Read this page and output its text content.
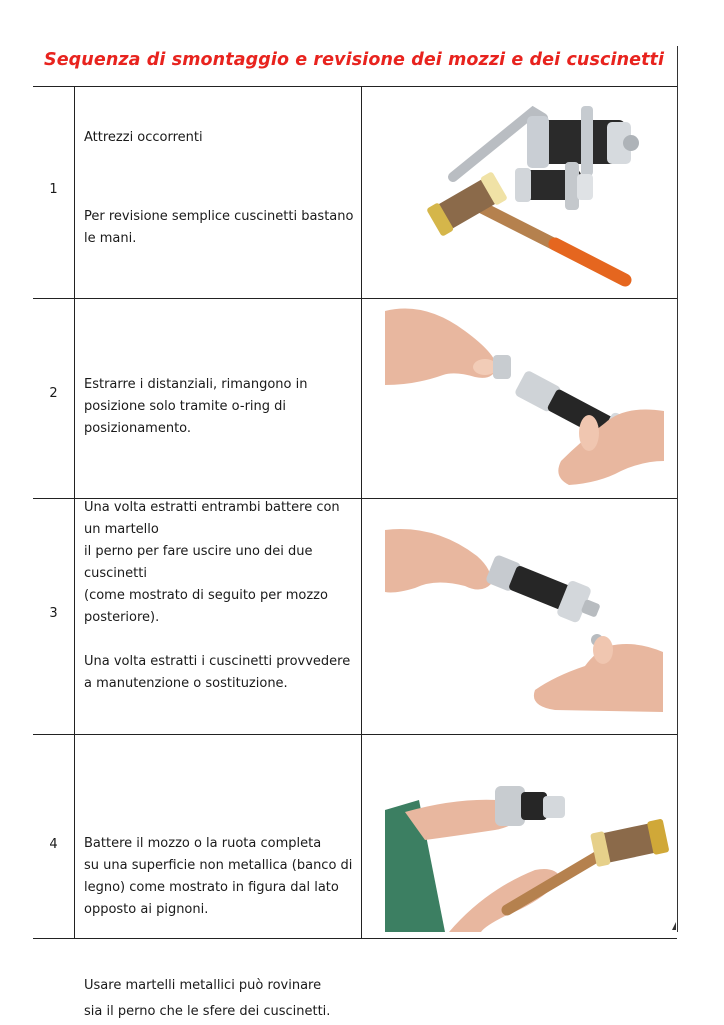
Sequenza di smontaggio e revisione dei mozzi e dei cuscinetti
1
Attrezzi occorrenti
Per revisione semplice cuscinetti bastano le mani.
2
Estrarre i distanziali, rimangono in posizione solo tramite o-ring di posizionamento.
3

Una volta estratti entrambi battere con un martello

il perno per fare uscire uno dei due cuscinetti

(come mostrato di seguito per mozzo posteriore).

Una volta estratti i cuscinetti provvedere a manutenzione o sostituzione.

4	Battere il mozzo o la ruota completa

su una superficie non metallica (banco di legno) come mostrato in figura dal lato opposto ai pignoni.

Usare martelli metallici può rovinare

sia il perno che le sfere dei cuscinetti.
